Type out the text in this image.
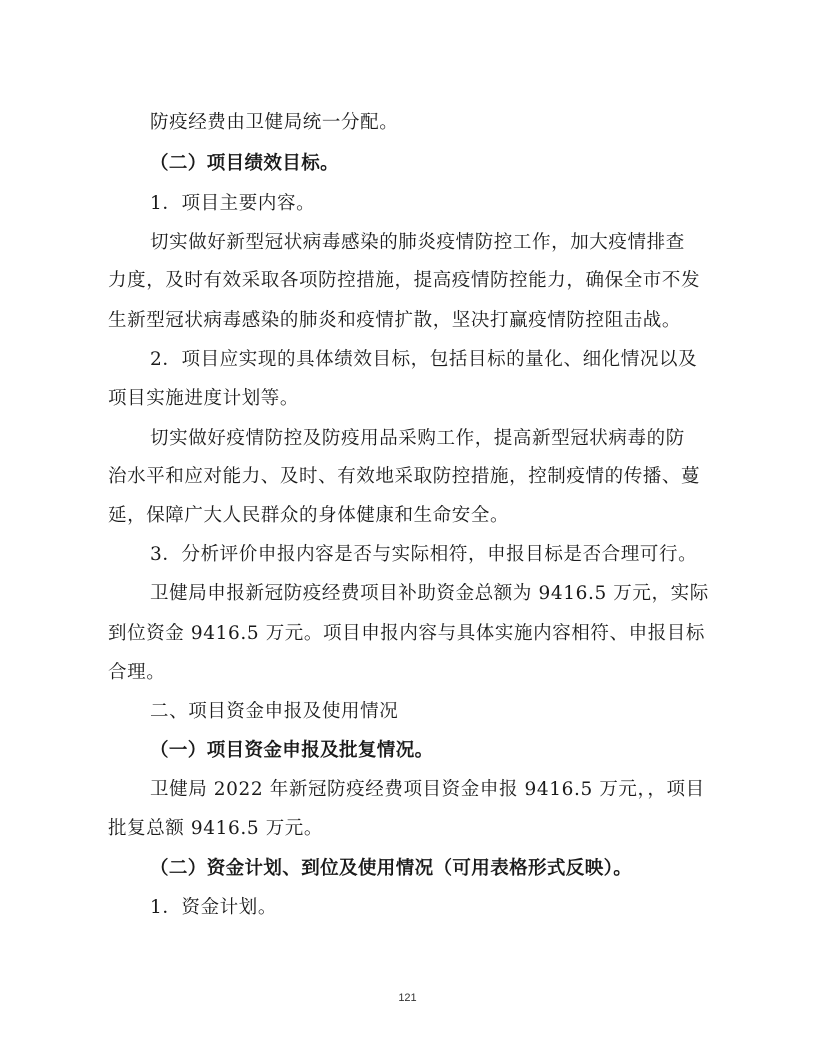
防疫经费由卫健局统一分配。
（二）项目绩效目标。
1．项目主要内容。
切实做好新型冠状病毒感染的肺炎疫情防控工作，加大疫情排查
力度，及时有效采取各项防控措施，提高疫情防控能力，确保全市不发
生新型冠状病毒感染的肺炎和疫情扩散，坚决打赢疫情防控阻击战。
2．项目应实现的具体绩效目标，包括目标的量化、细化情况以及
项目实施进度计划等。
切实做好疫情防控及防疫用品采购工作，提高新型冠状病毒的防
治水平和应对能力、及时、有效地采取防控措施，控制疫情的传播、蔓
延，保障广大人民群众的身体健康和生命安全。
3．分析评价申报内容是否与实际相符，申报目标是否合理可行。
卫健局申报新冠防疫经费项目补助资金总额为 9416.5 万元，实际
到位资金 9416.5 万元。项目申报内容与具体实施内容相符、申报目标
合理。
二、项目资金申报及使用情况
（一）项目资金申报及批复情况。
卫健局 2022 年新冠防疫经费项目资金申报 9416.5 万元，，项目
批复总额 9416.5 万元。
（二）资金计划、到位及使用情况（可用表格形式反映）。
1．资金计划。
121
